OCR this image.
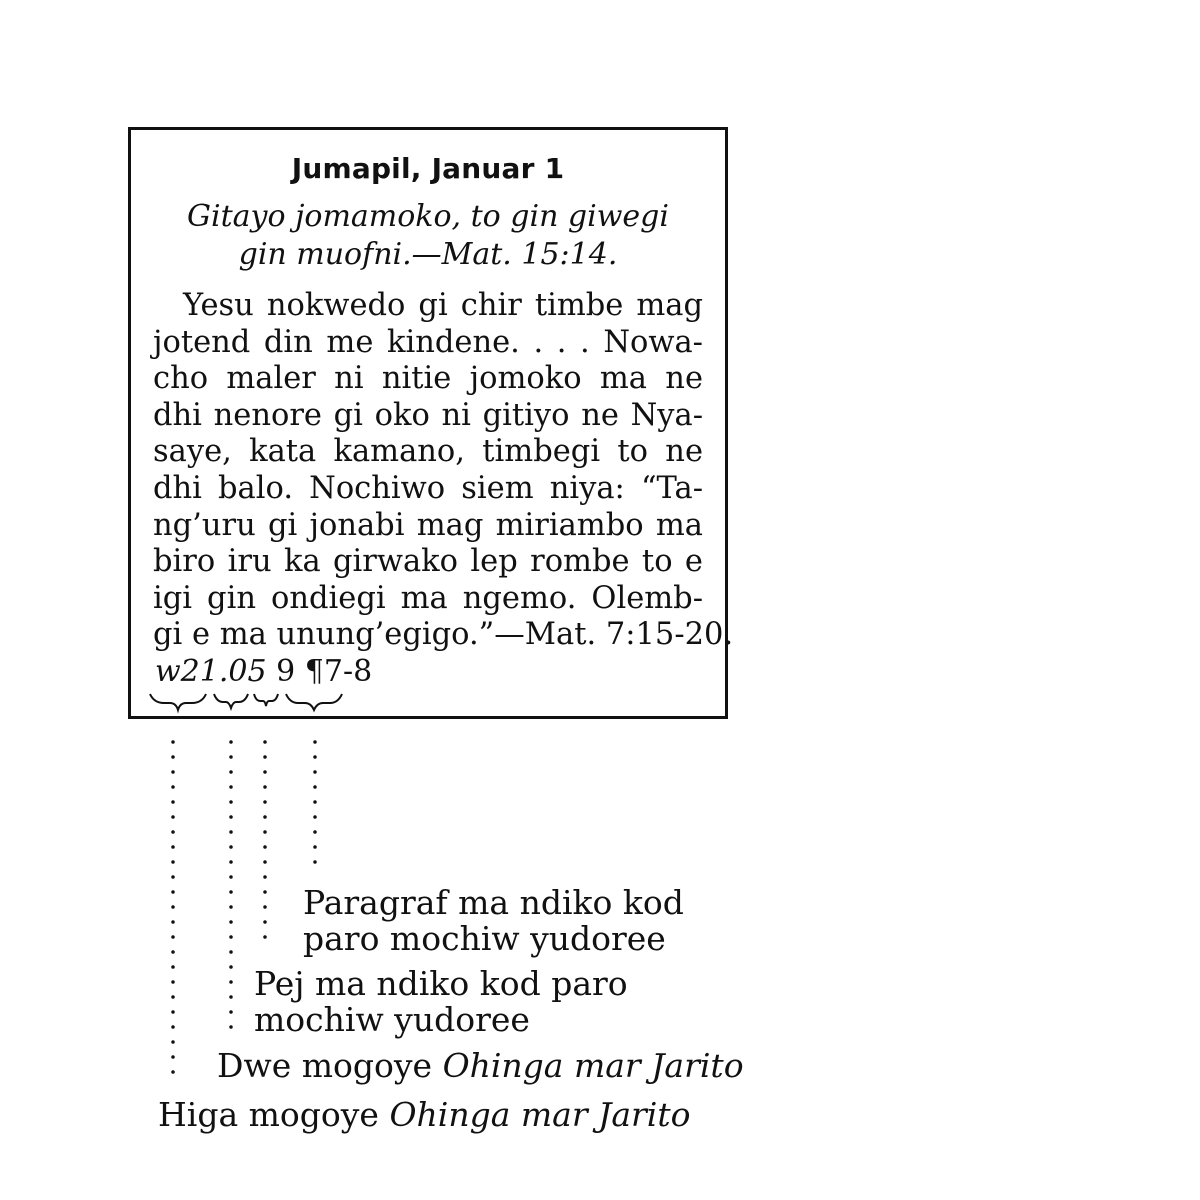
Jumapil, Januar 1
Gitayo jomamoko, to gin giwegi
gin muofni.—Mat. 15:14.
Yesu nokwedo gi chir timbe mag
jotend din me kindene. . . . Nowa-
cho maler ni nitie jomoko ma ne
dhi nenore gi oko ni gitiyo ne Nya-
saye, kata kamano, timbegi to ne
dhi balo. Nochiwo siem niya: “Ta-
ng’uru gi jonabi mag miriambo ma
biro iru ka girwako lep rombe to e
igi gin ondiegi ma ngemo. Olemb-
gi e ma unung’egigo.”—Mat. 7:15-20.
w21.05 9 ¶7-8
Paragraf ma ndiko kod
paro mochiw yudoree
Pej ma ndiko kod paro
mochiw yudoree
Dwe mogoye Ohinga mar Jarito
Higa mogoye Ohinga mar Jarito
